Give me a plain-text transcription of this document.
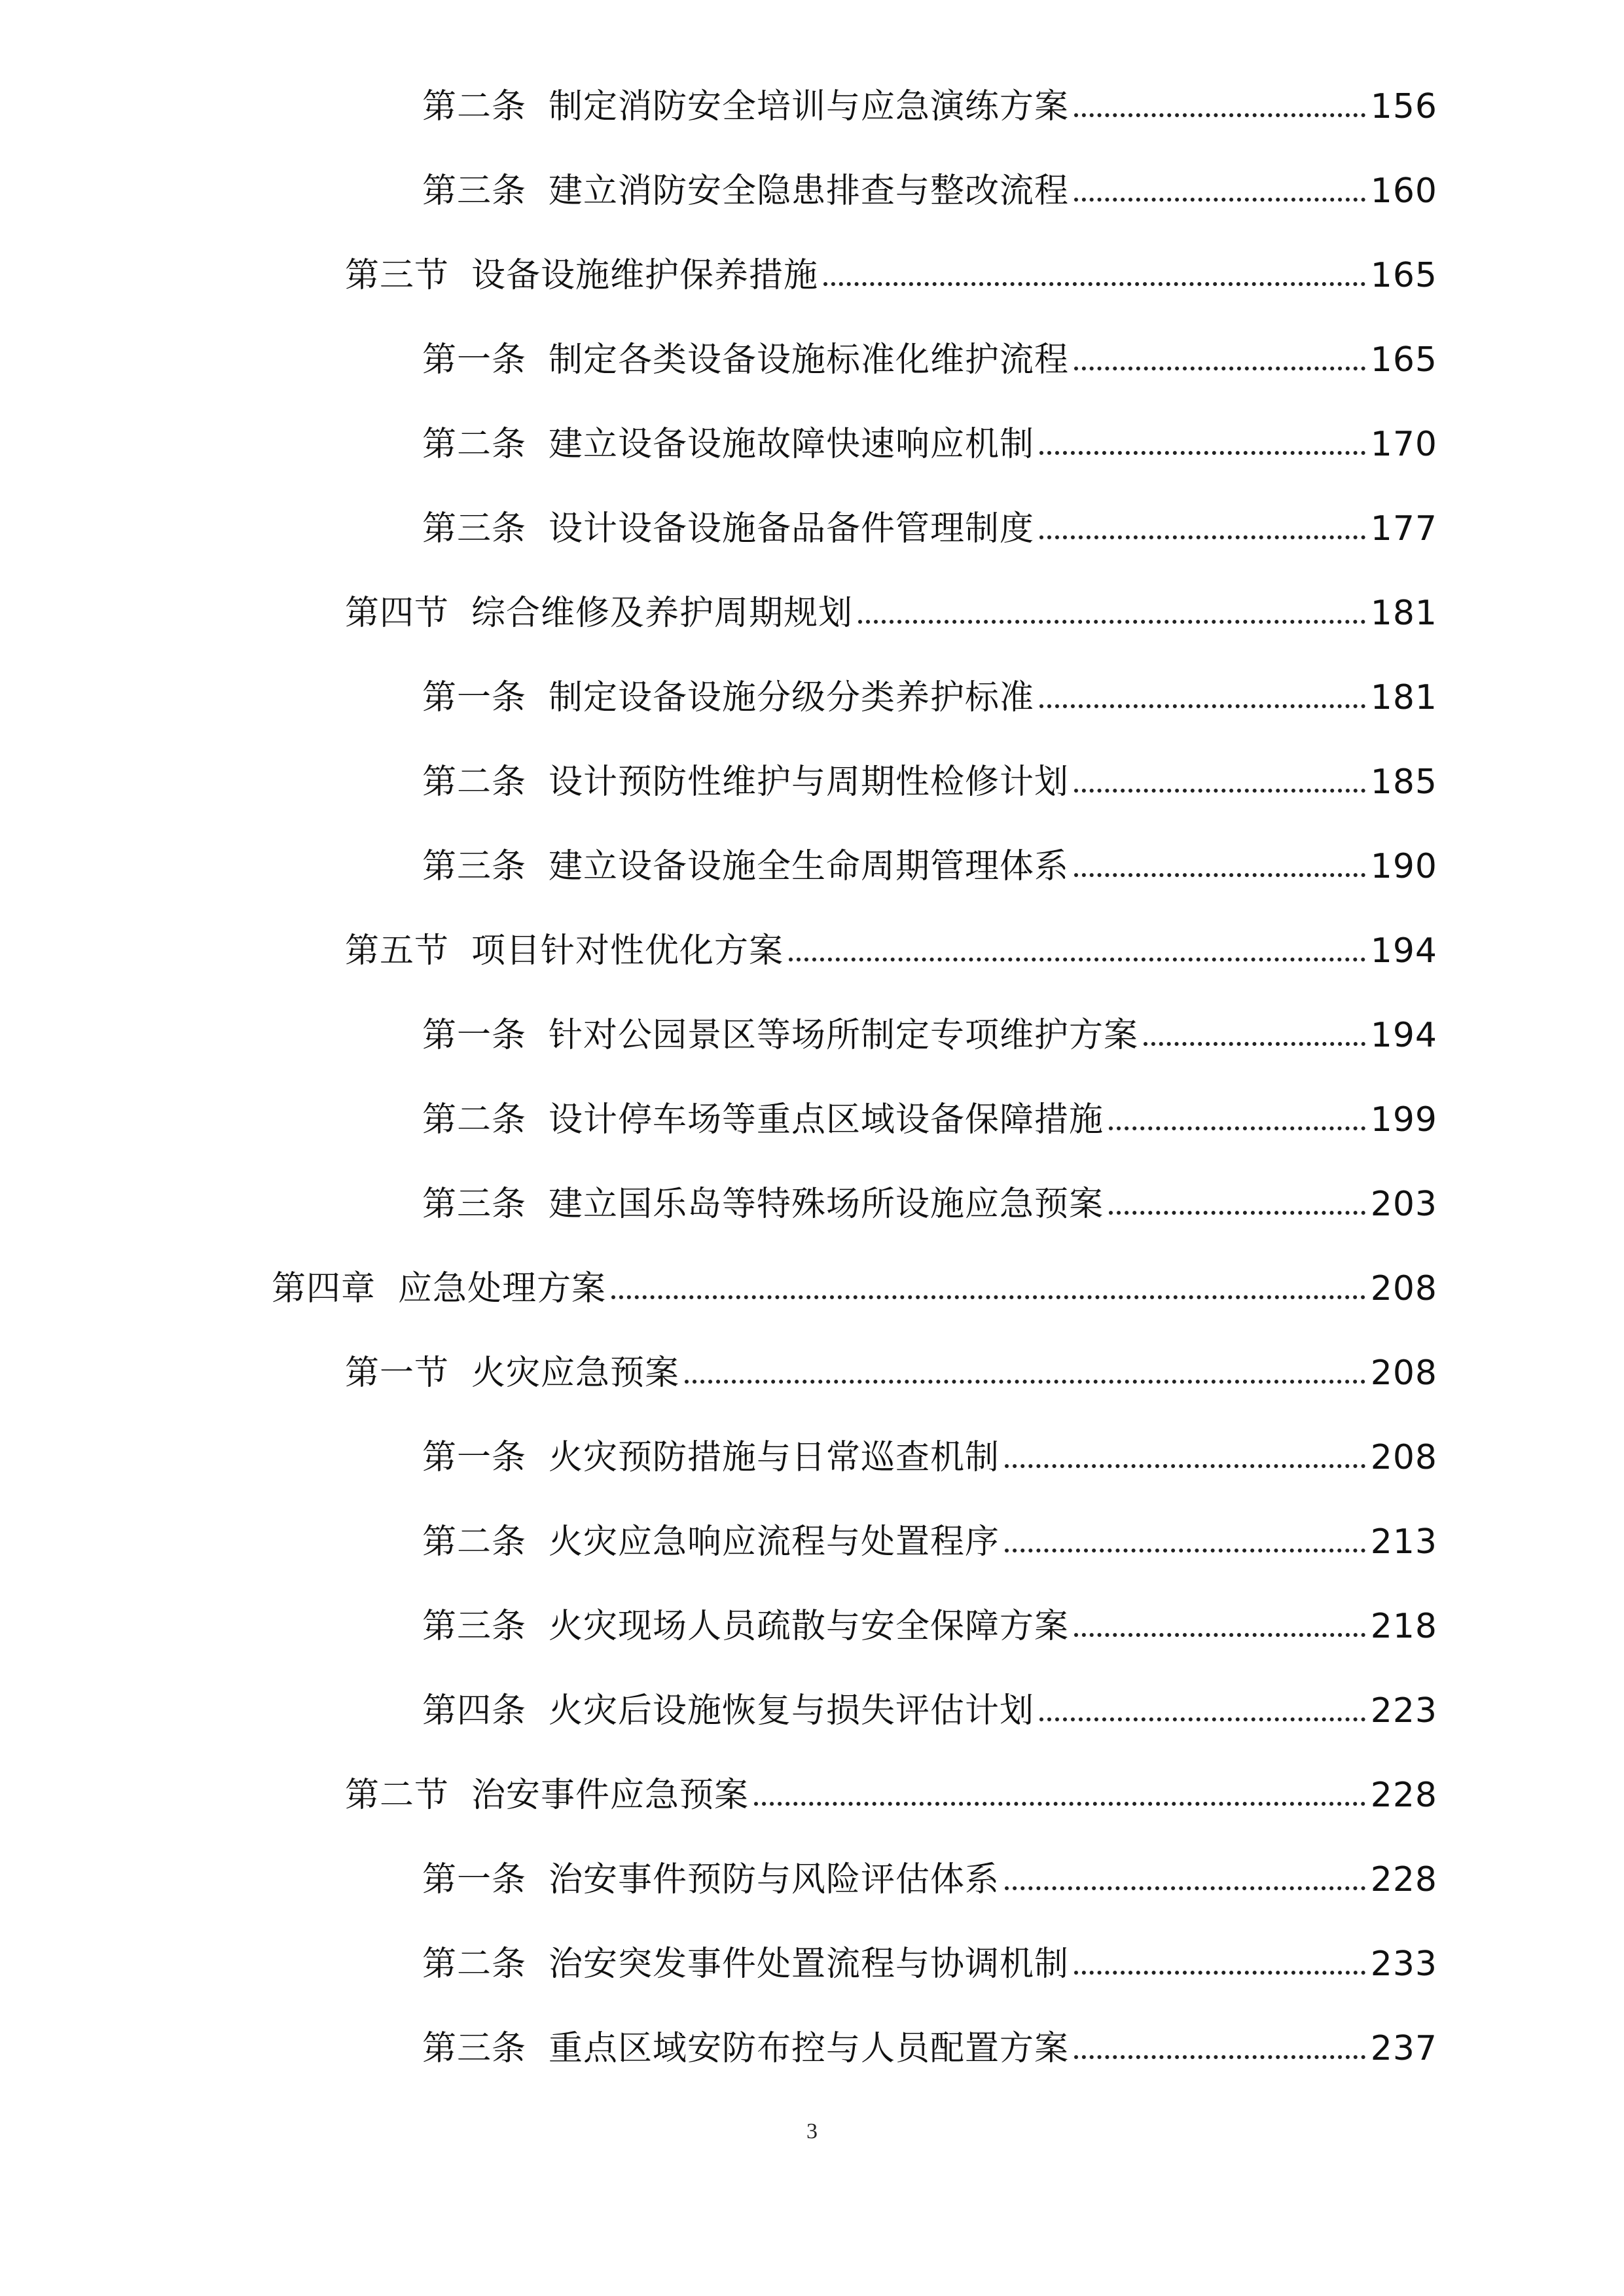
第二条 制定消防安全培训与应急演练方案	156
第三条 建立消防安全隐患排查与整改流程	160
第三节 设备设施维护保养措施	165
第一条 制定各类设备设施标准化维护流程	165
第二条 建立设备设施故障快速响应机制	170
第三条 设计设备设施备品备件管理制度	177
第四节 综合维修及养护周期规划	181
第一条 制定设备设施分级分类养护标准	181
第二条 设计预防性维护与周期性检修计划	185
第三条 建立设备设施全生命周期管理体系	190
第五节 项目针对性优化方案	194
第一条 针对公园景区等场所制定专项维护方案	194
第二条 设计停车场等重点区域设备保障措施	199
第三条 建立国乐岛等特殊场所设施应急预案	203
第四章 应急处理方案	208
第一节 火灾应急预案	208
第一条 火灾预防措施与日常巡查机制	208
第二条 火灾应急响应流程与处置程序	213
第三条 火灾现场人员疏散与安全保障方案	218
第四条 火灾后设施恢复与损失评估计划	223
第二节 治安事件应急预案	228
第一条 治安事件预防与风险评估体系	228
第二条 治安突发事件处置流程与协调机制	233
第三条 重点区域安防布控与人员配置方案	237
3
